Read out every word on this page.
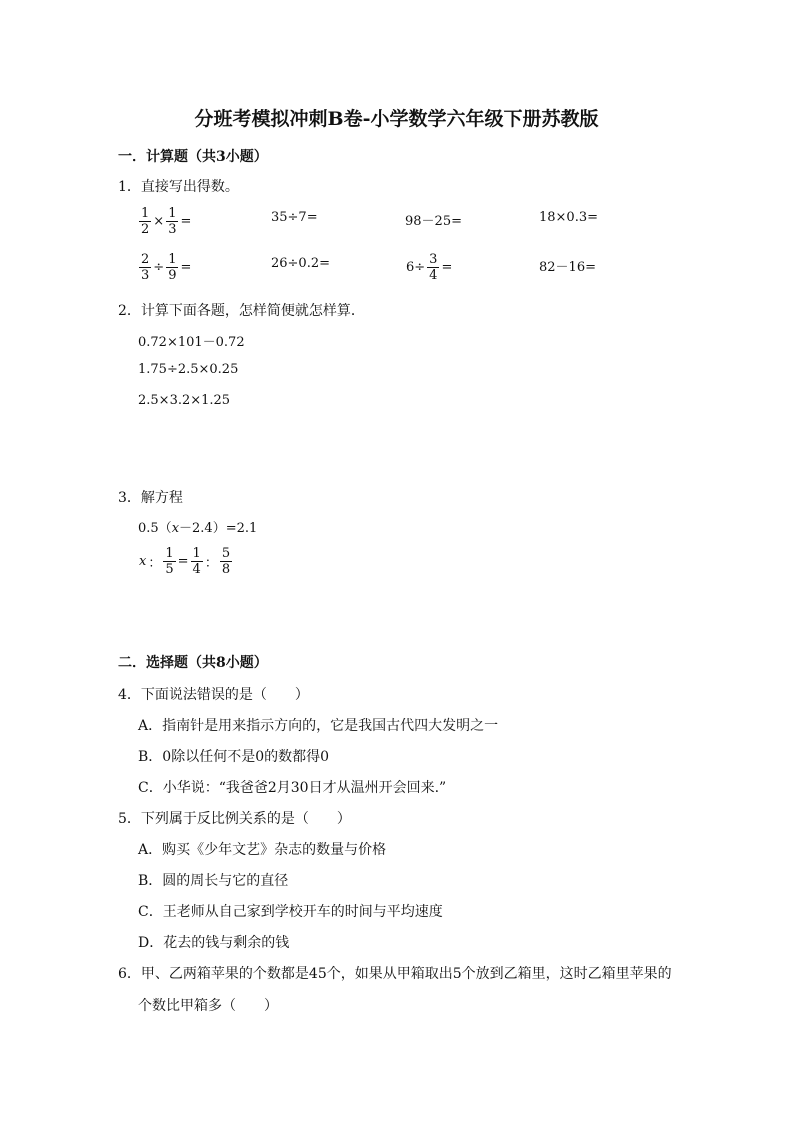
分班考模拟冲刺B卷-小学数学六年级下册苏教版
一．计算题（共3小题）
1．直接写出得数。
$\frac{1}{2} \times \frac{1}{3}$ =	35÷7=	98－25=	18×0.3=
$\frac{2}{3} \div \frac{1}{9}$ =	26÷0.2=	$6\div \frac{3}{4}$ =	82－16=
2．计算下面各题，怎样简便就怎样算．
0.72×101－0.72
1.75÷2.5×0.25
2.5×3.2×1.25
3．解方程
0.5（x－2.4）=2.1
x ： $\frac{1}{5} = \frac{1}{4}$ ： $\frac{5}{8}$
二．选择题（共8小题）
4．下面说法错误的是（　　）
A．指南针是用来指示方向的，它是我国古代四大发明之一
B．0除以任何不是0的数都得0
C．小华说：“我爸爸2月30日才从温州开会回来.”
5．下列属于反比例关系的是（　　）
A．购买《少年文艺》杂志的数量与价格
B．圆的周长与它的直径
C．王老师从自己家到学校开车的时间与平均速度
D．花去的钱与剩余的钱
6．甲、乙两箱苹果的个数都是45个，如果从甲箱取出5个放到乙箱里，这时乙箱里苹果的
个数比甲箱多（　　）
